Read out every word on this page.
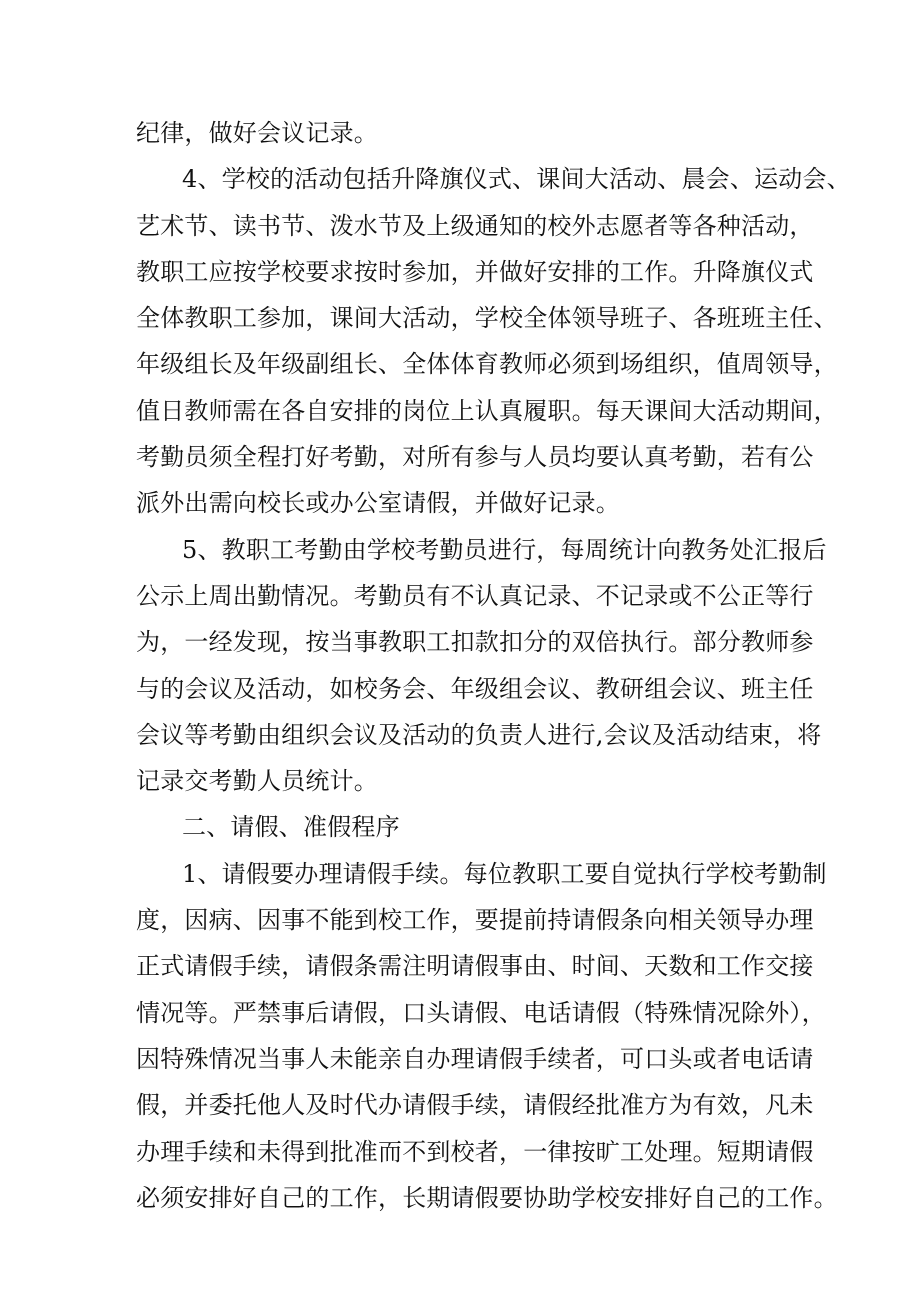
纪律，做好会议记录。
4、学校的活动包括升降旗仪式、课间大活动、晨会、运动会、
艺术节、读书节、泼水节及上级通知的校外志愿者等各种活动，
教职工应按学校要求按时参加，并做好安排的工作。升降旗仪式
全体教职工参加，课间大活动，学校全体领导班子、各班班主任、
年级组长及年级副组长、全体体育教师必须到场组织，值周领导，
值日教师需在各自安排的岗位上认真履职。每天课间大活动期间，
考勤员须全程打好考勤，对所有参与人员均要认真考勤，若有公
派外出需向校长或办公室请假，并做好记录。
5、教职工考勤由学校考勤员进行，每周统计向教务处汇报后
公示上周出勤情况。考勤员有不认真记录、不记录或不公正等行
为，一经发现，按当事教职工扣款扣分的双倍执行。部分教师参
与的会议及活动，如校务会、年级组会议、教研组会议、班主任
会议等考勤由组织会议及活动的负责人进行,会议及活动结束，将
记录交考勤人员统计。
二、请假、准假程序
1、请假要办理请假手续。每位教职工要自觉执行学校考勤制
度，因病、因事不能到校工作，要提前持请假条向相关领导办理
正式请假手续，请假条需注明请假事由、时间、天数和工作交接
情况等。严禁事后请假，口头请假、电话请假（特殊情况除外），
因特殊情况当事人未能亲自办理请假手续者，可口头或者电话请
假，并委托他人及时代办请假手续，请假经批准方为有效，凡未
办理手续和未得到批准而不到校者，一律按旷工处理。短期请假
必须安排好自己的工作，长期请假要协助学校安排好自己的工作。
